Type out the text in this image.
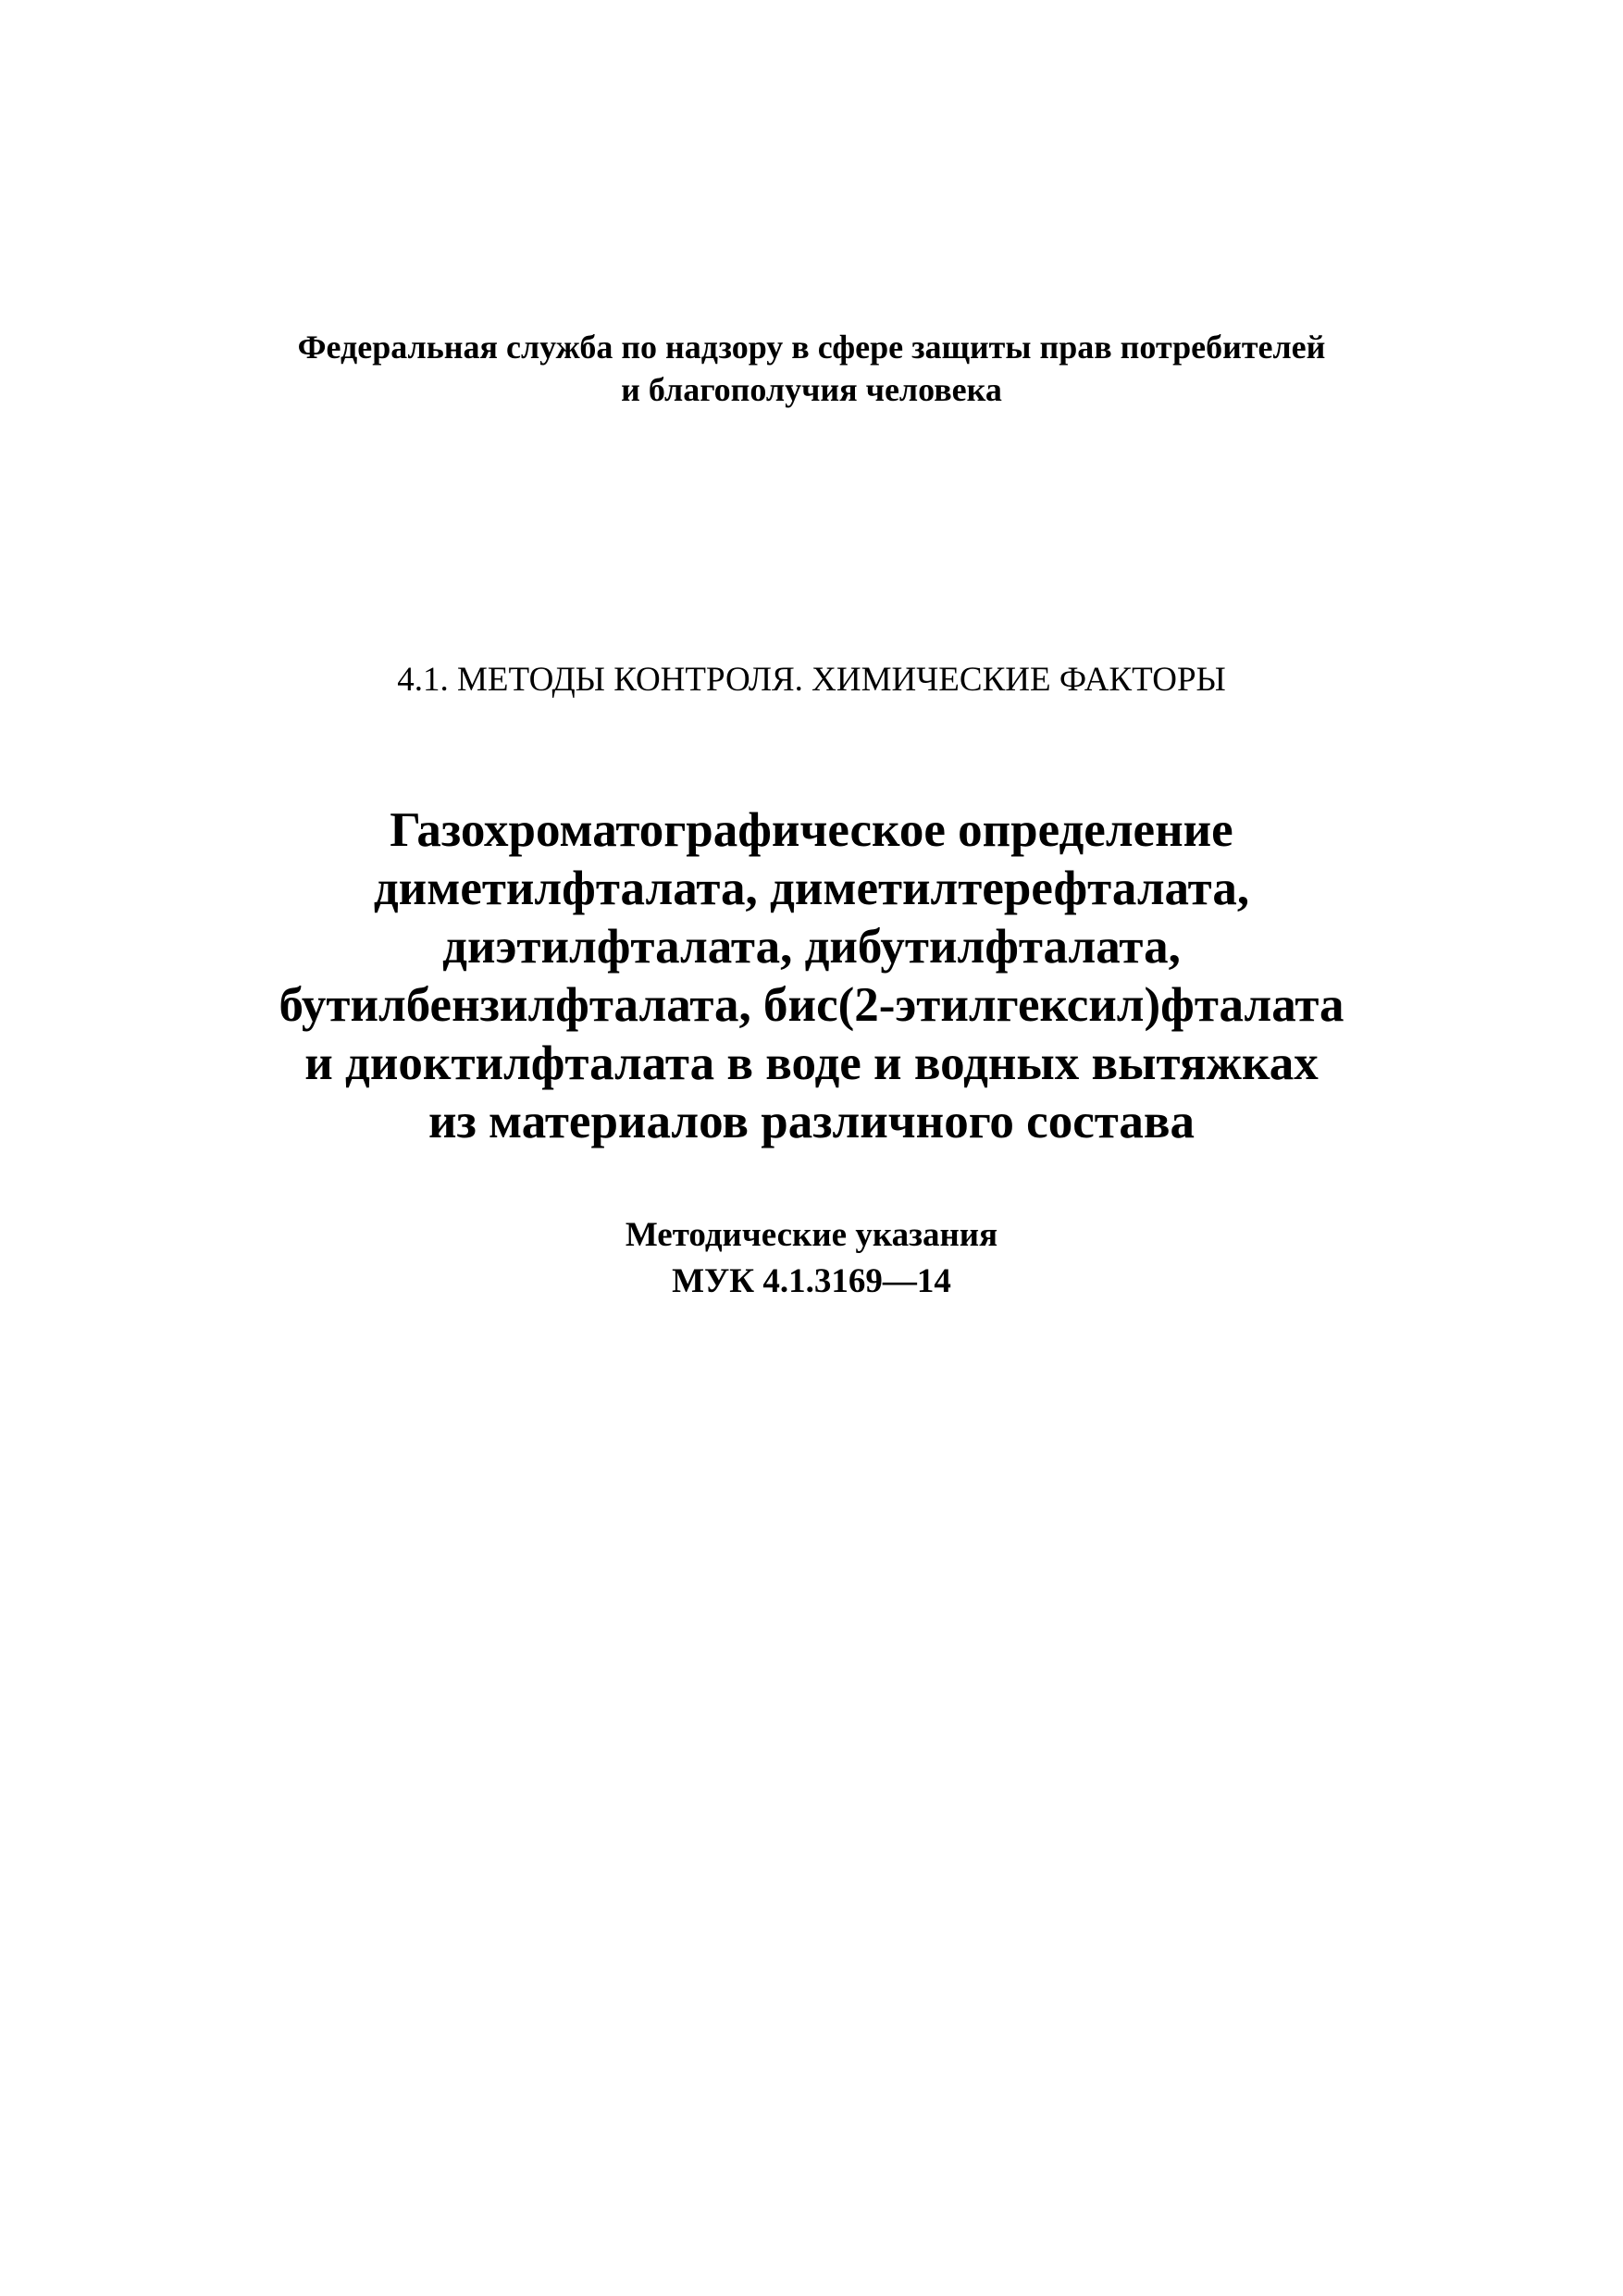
Федеральная служба по надзору в сфере защиты прав потребителей
и благополучия человека
4.1. МЕТОДЫ КОНТРОЛЯ. ХИМИЧЕСКИЕ ФАКТОРЫ
Газохроматографическое определение
диметилфталата, диметилтерефталата,
диэтилфталата, дибутилфталата,
бутилбензилфталата, бис(2-этилгексил)фталата
и диоктилфталата в воде и водных вытяжках
из материалов различного состава
Методические указания
МУК 4.1.3169—14
